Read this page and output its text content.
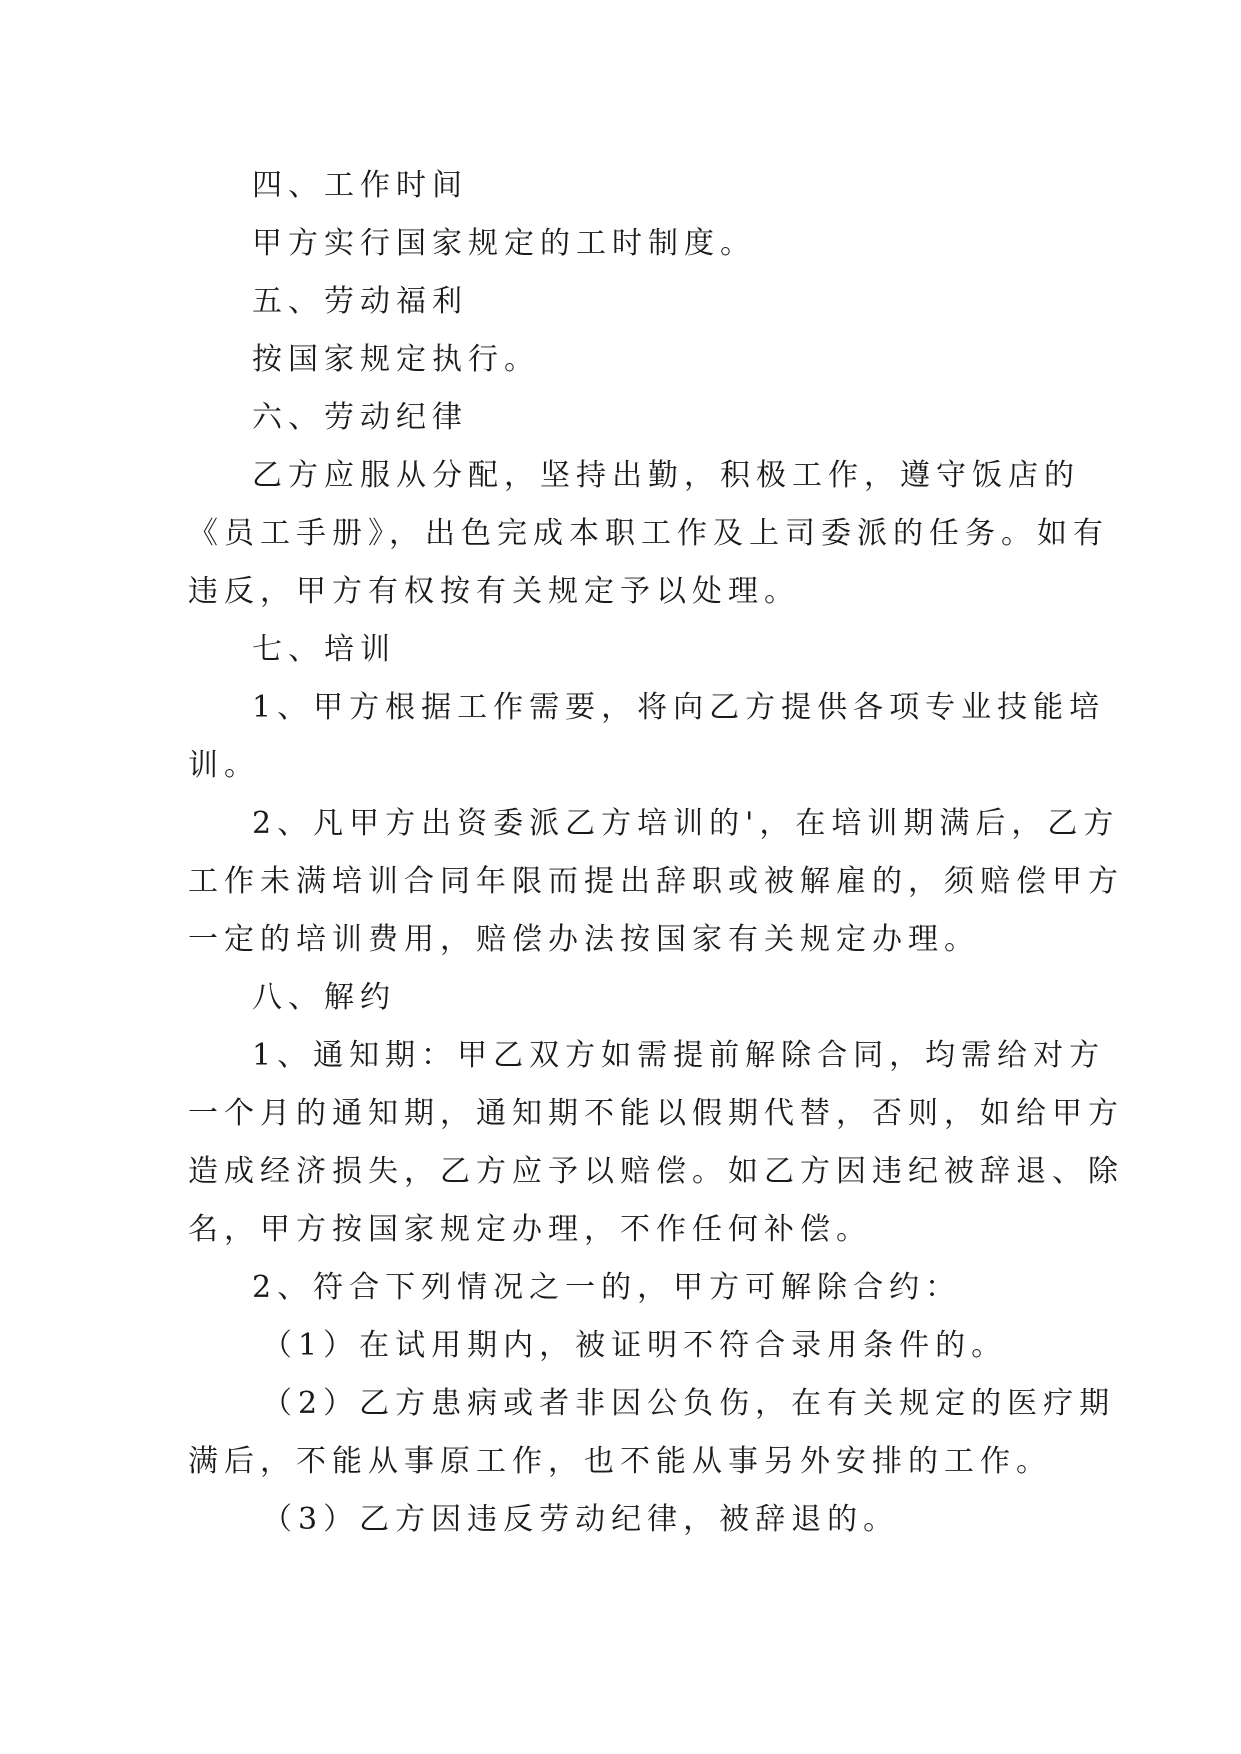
四、工作时间
甲方实行国家规定的工时制度。
五、劳动福利
按国家规定执行。
六、劳动纪律
乙方应服从分配，坚持出勤，积极工作，遵守饭店的
《员工手册》，出色完成本职工作及上司委派的任务。如有
违反，甲方有权按有关规定予以处理。
七、培训
1、甲方根据工作需要，将向乙方提供各项专业技能培
训。
2、凡甲方出资委派乙方培训的'，在培训期满后，乙方
工作未满培训合同年限而提出辞职或被解雇的，须赔偿甲方
一定的培训费用，赔偿办法按国家有关规定办理。
八、解约
1、通知期：甲乙双方如需提前解除合同，均需给对方
一个月的通知期，通知期不能以假期代替，否则，如给甲方
造成经济损失，乙方应予以赔偿。如乙方因违纪被辞退、除
名，甲方按国家规定办理，不作任何补偿。
2、符合下列情况之一的，甲方可解除合约：
（1）在试用期内，被证明不符合录用条件的。
（2）乙方患病或者非因公负伤，在有关规定的医疗期
满后，不能从事原工作，也不能从事另外安排的工作。
（3）乙方因违反劳动纪律，被辞退的。
